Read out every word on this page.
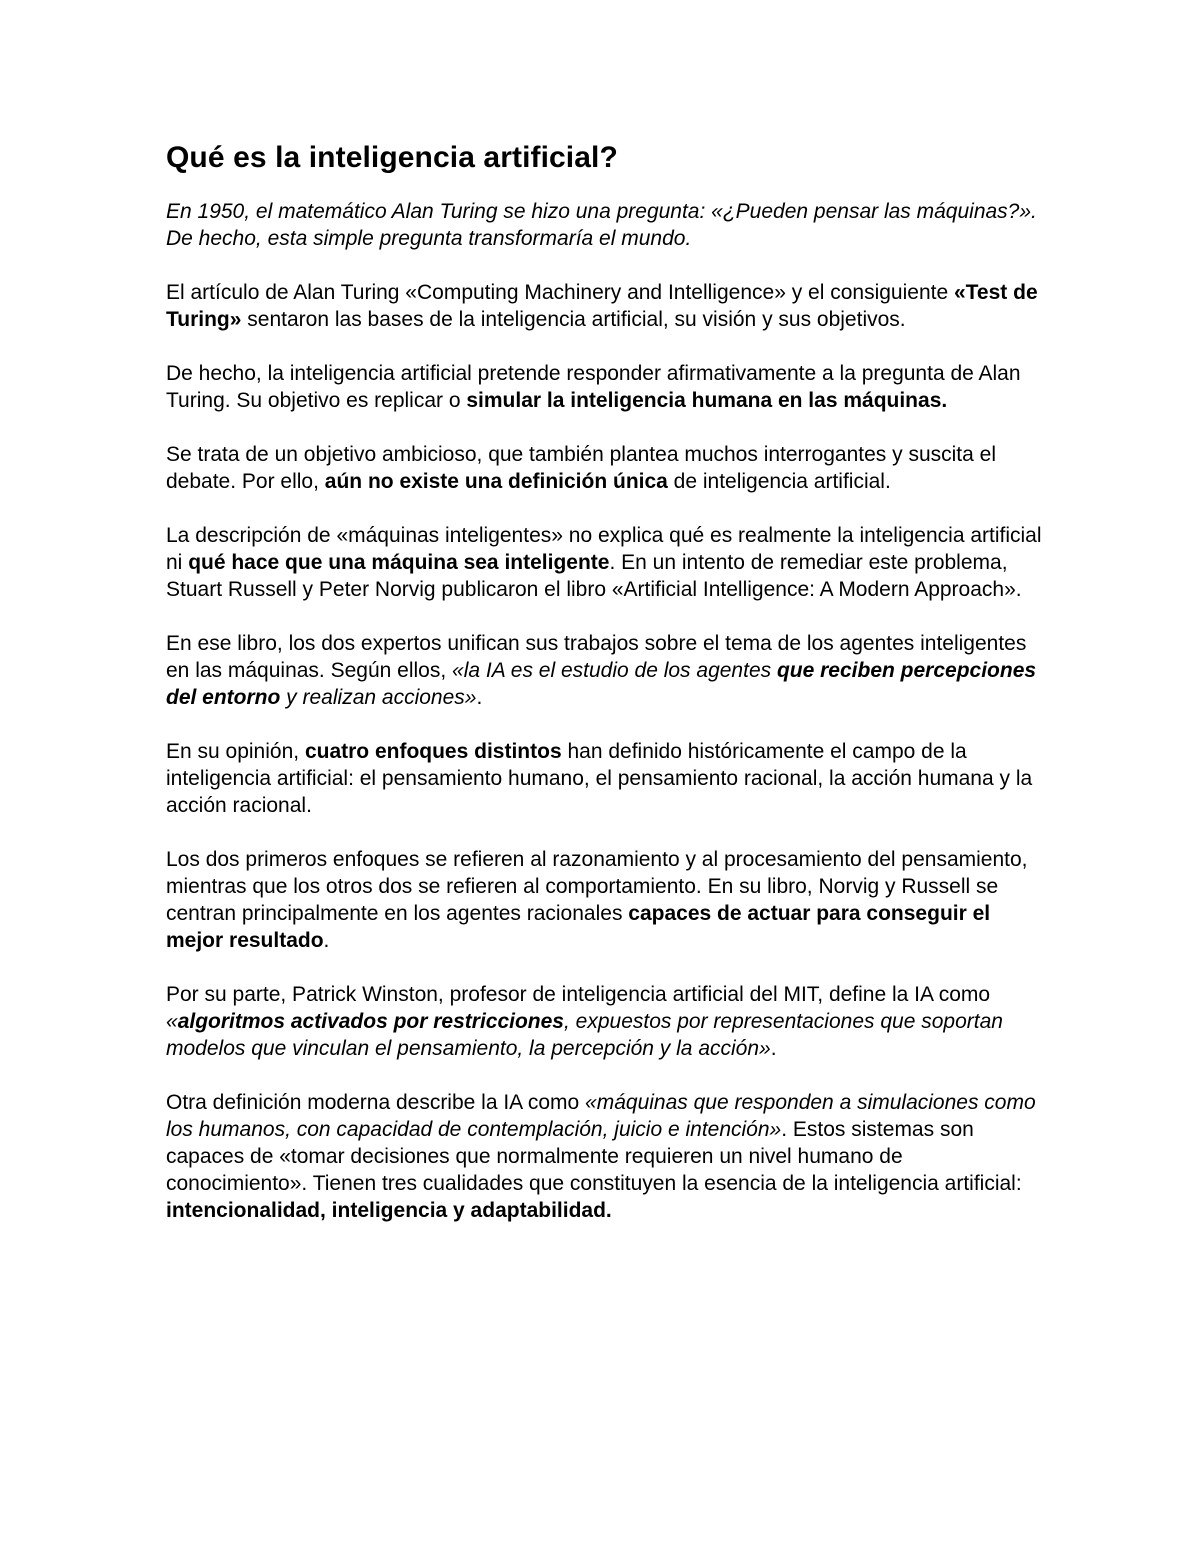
Qué es la inteligencia artificial?

En 1950, el matemático Alan Turing se hizo una pregunta: «¿Pueden pensar las máquinas?». De hecho, esta simple pregunta transformaría el mundo.

El artículo de Alan Turing «Computing Machinery and Intelligence» y el consiguiente «Test de Turing» sentaron las bases de la inteligencia artificial, su visión y sus objetivos.

De hecho, la inteligencia artificial pretende responder afirmativamente a la pregunta de Alan Turing. Su objetivo es replicar o simular la inteligencia humana en las máquinas.

Se trata de un objetivo ambicioso, que también plantea muchos interrogantes y suscita el debate. Por ello, aún no existe una definición única de inteligencia artificial.

La descripción de «máquinas inteligentes» no explica qué es realmente la inteligencia artificial ni qué hace que una máquina sea inteligente. En un intento de remediar este problema, Stuart Russell y Peter Norvig publicaron el libro «Artificial Intelligence: A Modern Approach».

En ese libro, los dos expertos unifican sus trabajos sobre el tema de los agentes inteligentes en las máquinas. Según ellos, «la IA es el estudio de los agentes que reciben percepciones del entorno y realizan acciones».

En su opinión, cuatro enfoques distintos han definido históricamente el campo de la inteligencia artificial: el pensamiento humano, el pensamiento racional, la acción humana y la acción racional.

Los dos primeros enfoques se refieren al razonamiento y al procesamiento del pensamiento, mientras que los otros dos se refieren al comportamiento. En su libro, Norvig y Russell se centran principalmente en los agentes racionales capaces de actuar para conseguir el mejor resultado.

Por su parte, Patrick Winston, profesor de inteligencia artificial del MIT, define la IA como «algoritmos activados por restricciones, expuestos por representaciones que soportan modelos que vinculan el pensamiento, la percepción y la acción».

Otra definición moderna describe la IA como «máquinas que responden a simulaciones como los humanos, con capacidad de contemplación, juicio e intención». Estos sistemas son capaces de «tomar decisiones que normalmente requieren un nivel humano de conocimiento». Tienen tres cualidades que constituyen la esencia de la inteligencia artificial: intencionalidad, inteligencia y adaptabilidad.
